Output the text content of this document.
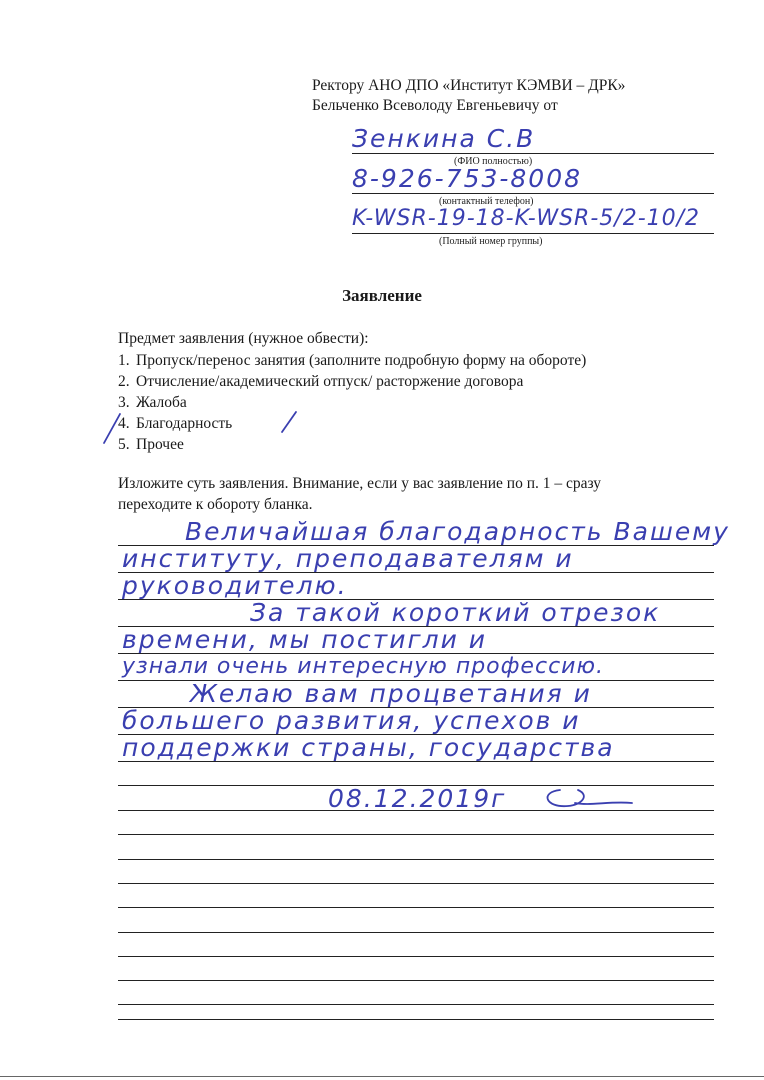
Ректору АНО ДПО «Институт КЭМВИ – ДРК»
Бельченко Всеволоду Евгеньевичу от
Зенкина С.В
(ФИО полностью)
8-926-753-8008
(контактный телефон)
K-WSR-19-18-K-WSR-5/2-10/2
(Полный номер группы)
Заявление
Предмет заявления (нужное обвести):
1. Пропуск/перенос занятия (заполните подробную форму на обороте)
2. Отчисление/академический отпуск/ расторжение договора
3. Жалоба
4. Благодарность
5. Прочее
Изложите суть заявления. Внимание, если у вас заявление по п. 1 – сразу
переходите к обороту бланка.
Величайшая благодарность Вашему
институту, преподавателям и
руководителю.
За такой короткий отрезок
времени, мы постигли и
узнали очень интересную профессию.
Желаю вам процветания и
большего развития, успехов и
поддержки страны, государства
08.12.2019г
